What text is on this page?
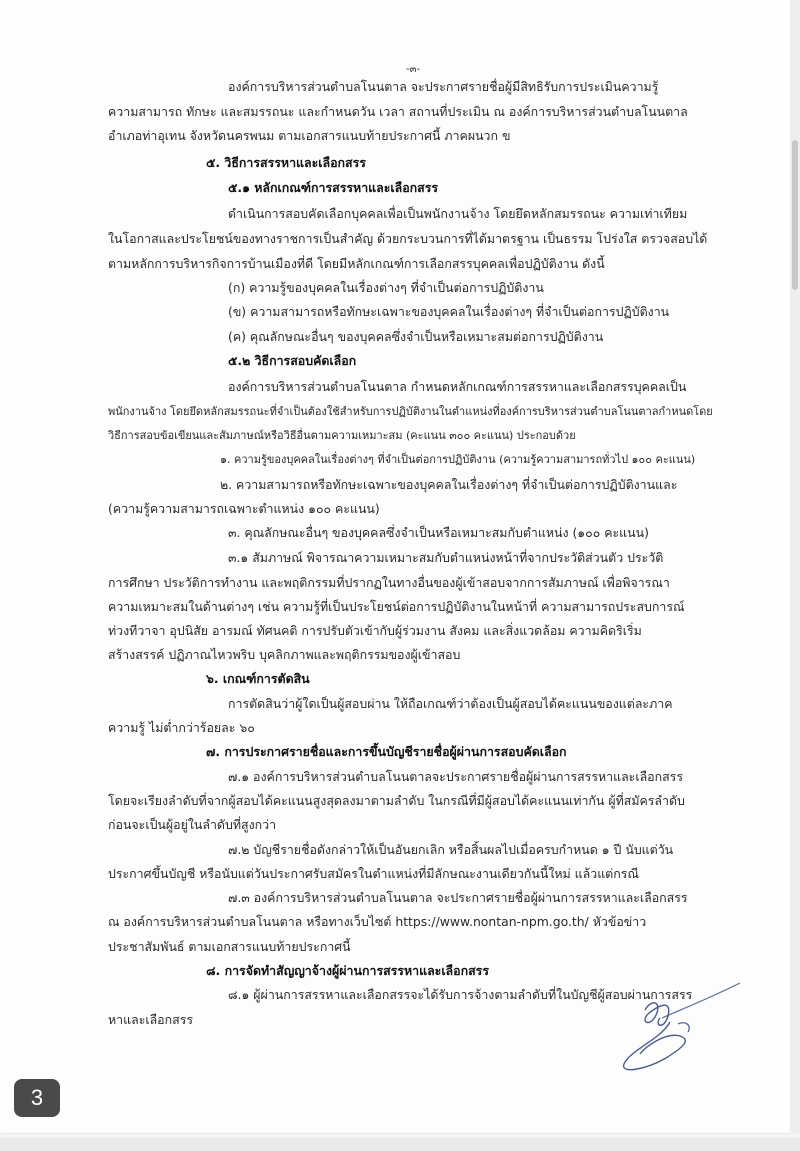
-๓-
องค์การบริหารส่วนตำบลโนนตาล จะประกาศรายชื่อผู้มีสิทธิรับการประเมินความรู้
ความสามารถ ทักษะ และสมรรถนะ และกำหนดวัน เวลา สถานที่ประเมิน ณ องค์การบริหารส่วนตำบลโนนตาล
อำเภอท่าอุเทน จังหวัดนครพนม ตามเอกสารแนบท้ายประกาศนี้ ภาคผนวก ข
๕. วิธีการสรรหาและเลือกสรร
๕.๑ หลักเกณฑ์การสรรหาและเลือกสรร
ดำเนินการสอบคัดเลือกบุคคลเพื่อเป็นพนักงานจ้าง โดยยึดหลักสมรรถนะ ความเท่าเทียม
ในโอกาสและประโยชน์ของทางราชการเป็นสำคัญ ด้วยกระบวนการที่ได้มาตรฐาน เป็นธรรม โปร่งใส ตรวจสอบได้
ตามหลักการบริหารกิจการบ้านเมืองที่ดี โดยมีหลักเกณฑ์การเลือกสรรบุคคลเพื่อปฏิบัติงาน ดังนี้
(ก) ความรู้ของบุคคลในเรื่องต่างๆ ที่จำเป็นต่อการปฏิบัติงาน
(ข) ความสามารถหรือทักษะเฉพาะของบุคคลในเรื่องต่างๆ ที่จำเป็นต่อการปฏิบัติงาน
(ค) คุณลักษณะอื่นๆ ของบุคคลซึ่งจำเป็นหรือเหมาะสมต่อการปฏิบัติงาน
๕.๒ วิธีการสอบคัดเลือก
องค์การบริหารส่วนตำบลโนนตาล กำหนดหลักเกณฑ์การสรรหาและเลือกสรรบุคคลเป็น
พนักงานจ้าง โดยยึดหลักสมรรถนะที่จำเป็นต้องใช้สำหรับการปฏิบัติงานในตำแหน่งที่องค์การบริหารส่วนตำบลโนนตาลกำหนดโดย
วิธีการสอบข้อเขียนและสัมภาษณ์หรือวิธีอื่นตามความเหมาะสม (คะแนน ๓๐๐ คะแนน) ประกอบด้วย
๑. ความรู้ของบุคคลในเรื่องต่างๆ ที่จำเป็นต่อการปฏิบัติงาน (ความรู้ความสามารถทั่วไป ๑๐๐ คะแนน)
๒. ความสามารถหรือทักษะเฉพาะของบุคคลในเรื่องต่างๆ ที่จำเป็นต่อการปฏิบัติงานและ
(ความรู้ความสามารถเฉพาะตำแหน่ง ๑๐๐ คะแนน)
๓. คุณลักษณะอื่นๆ ของบุคคลซึ่งจำเป็นหรือเหมาะสมกับตำแหน่ง (๑๐๐ คะแนน)
๓.๑ สัมภาษณ์ พิจารณาความเหมาะสมกับตำแหน่งหน้าที่จากประวัติส่วนตัว ประวัติ
การศึกษา ประวัติการทำงาน และพฤติกรรมที่ปรากฏในทางอื่นของผู้เข้าสอบจากการสัมภาษณ์ เพื่อพิจารณา
ความเหมาะสมในด้านต่างๆ เช่น ความรู้ที่เป็นประโยชน์ต่อการปฏิบัติงานในหน้าที่ ความสามารถประสบการณ์
ท่วงทีวาจา อุปนิสัย อารมณ์ ทัศนคติ การปรับตัวเข้ากับผู้ร่วมงาน สังคม และสิ่งแวดล้อม ความคิดริเริ่ม
สร้างสรรค์ ปฏิภาณไหวพริบ บุคลิกภาพและพฤติกรรมของผู้เข้าสอบ
๖. เกณฑ์การตัดสิน
การตัดสินว่าผู้ใดเป็นผู้สอบผ่าน ให้ถือเกณฑ์ว่าต้องเป็นผู้สอบได้คะแนนของแต่ละภาค
ความรู้ ไม่ต่ำกว่าร้อยละ ๖๐
๗. การประกาศรายชื่อและการขึ้นบัญชีรายชื่อผู้ผ่านการสอบคัดเลือก
๗.๑ องค์การบริหารส่วนตำบลโนนตาลจะประกาศรายชื่อผู้ผ่านการสรรหาและเลือกสรร
โดยจะเรียงลำดับที่จากผู้สอบได้คะแนนสูงสุดลงมาตามลำดับ ในกรณีที่มีผู้สอบได้คะแนนเท่ากัน ผู้ที่สมัครลำดับ
ก่อนจะเป็นผู้อยู่ในลำดับที่สูงกว่า
๗.๒ บัญชีรายชื่อดังกล่าวให้เป็นอันยกเลิก หรือสิ้นผลไปเมื่อครบกำหนด ๑ ปี นับแต่วัน
ประกาศขึ้นบัญชี หรือนับแต่วันประกาศรับสมัครในตำแหน่งที่มีลักษณะงานเดียวกันนี้ใหม่ แล้วแต่กรณี
๗.๓ องค์การบริหารส่วนตำบลโนนตาล จะประกาศรายชื่อผู้ผ่านการสรรหาและเลือกสรร
ณ องค์การบริหารส่วนตำบลโนนตาล หรือทางเว็บไซต์ https://www.nontan-npm.go.th/ หัวข้อข่าว
ประชาสัมพันธ์ ตามเอกสารแนบท้ายประกาศนี้
๘. การจัดทำสัญญาจ้างผู้ผ่านการสรรหาและเลือกสรร
๘.๑ ผู้ผ่านการสรรหาและเลือกสรรจะได้รับการจ้างตามลำดับที่ในบัญชีผู้สอบผ่านการสรร
หาและเลือกสรร
3
